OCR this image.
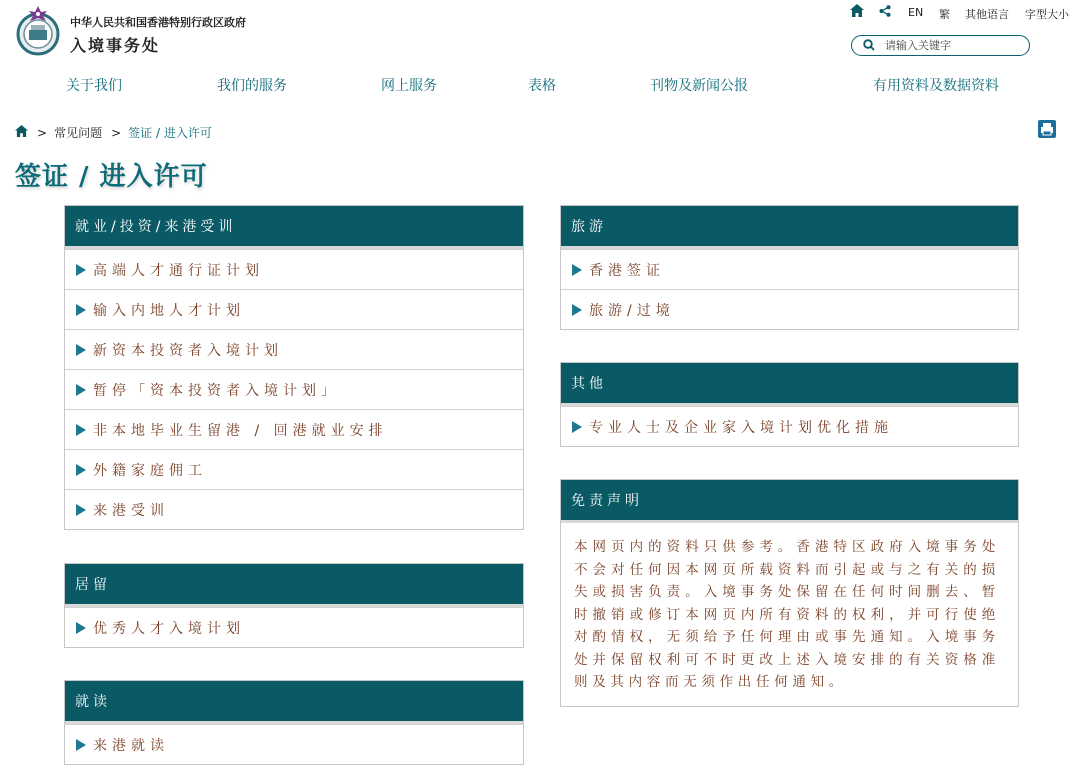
中华人民共和国香港特别行政区政府
入境事务处
EN 繁 其他语言 字型大小
请输入关键字
关于我们	我们的服务	网上服务	表格	刊物及新闻公报	有用资料及数据资料
> 常见问题 > 签证 / 进入许可
签证 / 进入许可
就业/投资/来港受训
高端人才通行证计划
输入内地人才计划
新资本投资者入境计划
暂停「资本投资者入境计划」
非本地毕业生留港 / 回港就业安排
外籍家庭佣工
来港受训
居留
优秀人才入境计划
就读
来港就读
旅游
香港签证
旅游/过境
其他
专业人士及企业家入境计划优化措施
免责声明
本网页内的资料只供参考。香港特区政府入境事务处不会对任何因本网页所载资料而引起或与之有关的损失或损害负责。入境事务处保留在任何时间删去、暂时撤销或修订本网页内所有资料的权利，并可行使绝对酌情权，无须给予任何理由或事先通知。入境事务处并保留权利可不时更改上述入境安排的有关资格准则及其内容而无须作出任何通知。
